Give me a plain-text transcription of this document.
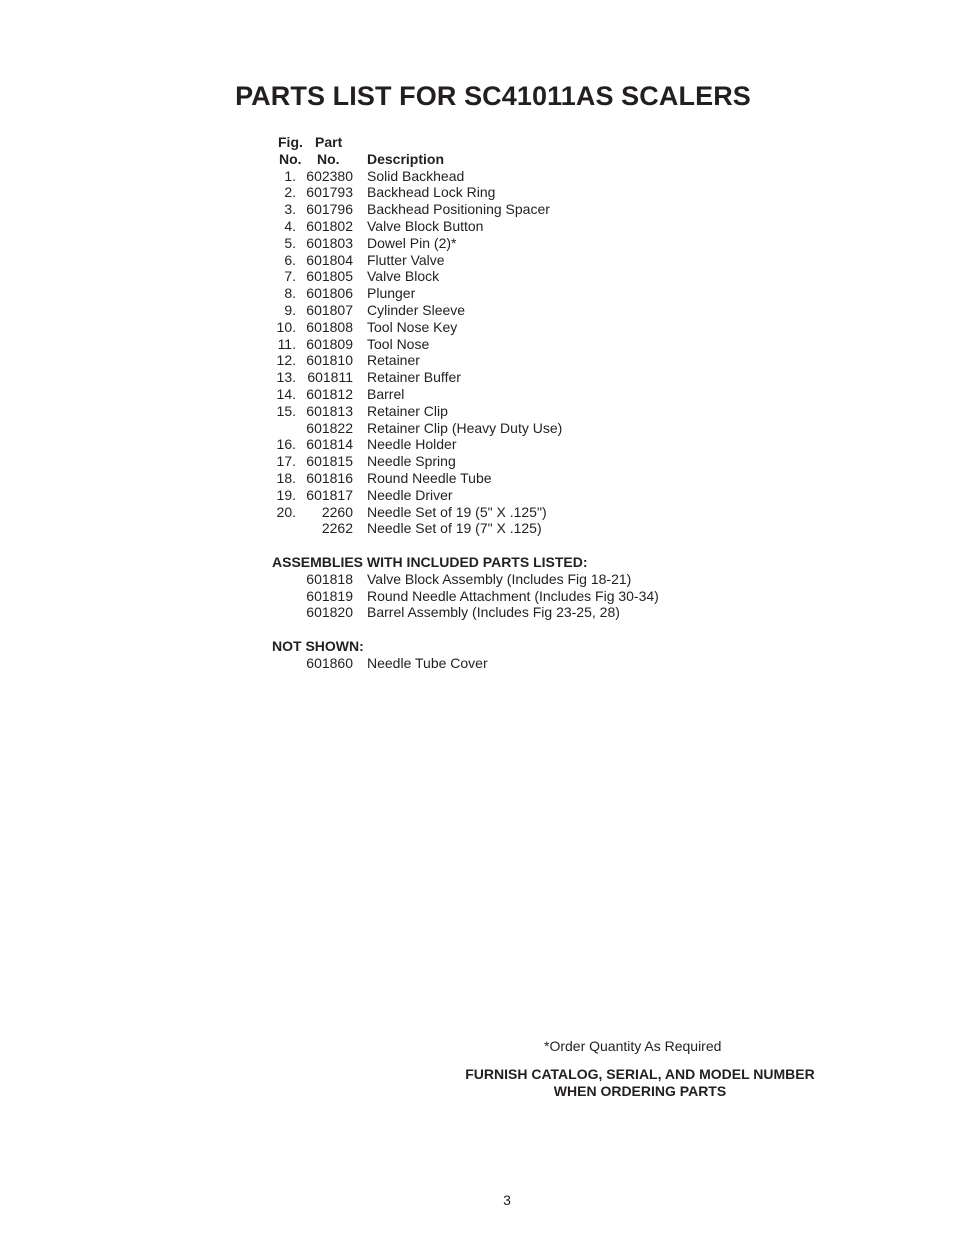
PARTS LIST FOR SC41011AS SCALERS
Fig. Part
No. No. Description
1. 602380 Solid Backhead
2. 601793 Backhead Lock Ring
3. 601796 Backhead Positioning Spacer
4. 601802 Valve Block Button
5. 601803 Dowel Pin (2)*
6. 601804 Flutter Valve
7. 601805 Valve Block
8. 601806 Plunger
9. 601807 Cylinder Sleeve
10. 601808 Tool Nose Key
11. 601809 Tool Nose
12. 601810 Retainer
13. 601811 Retainer Buffer
14. 601812 Barrel
15. 601813 Retainer Clip
601822 Retainer Clip (Heavy Duty Use)
16. 601814 Needle Holder
17. 601815 Needle Spring
18. 601816 Round Needle Tube
19. 601817 Needle Driver
20.	2260 Needle Set of 19 (5" X .125")
2262 Needle Set of 19 (7" X .125)
ASSEMBLIES WITH INCLUDED PARTS LISTED:
601818 Valve Block Assembly (Includes Fig 18-21)
601819 Round Needle Attachment (Includes Fig 30-34)
601820 Barrel Assembly (Includes Fig 23-25, 28)
NOT SHOWN:
601860 Needle Tube Cover
*Order Quantity As Required
FURNISH CATALOG, SERIAL, AND MODEL NUMBER
WHEN ORDERING PARTS
3
